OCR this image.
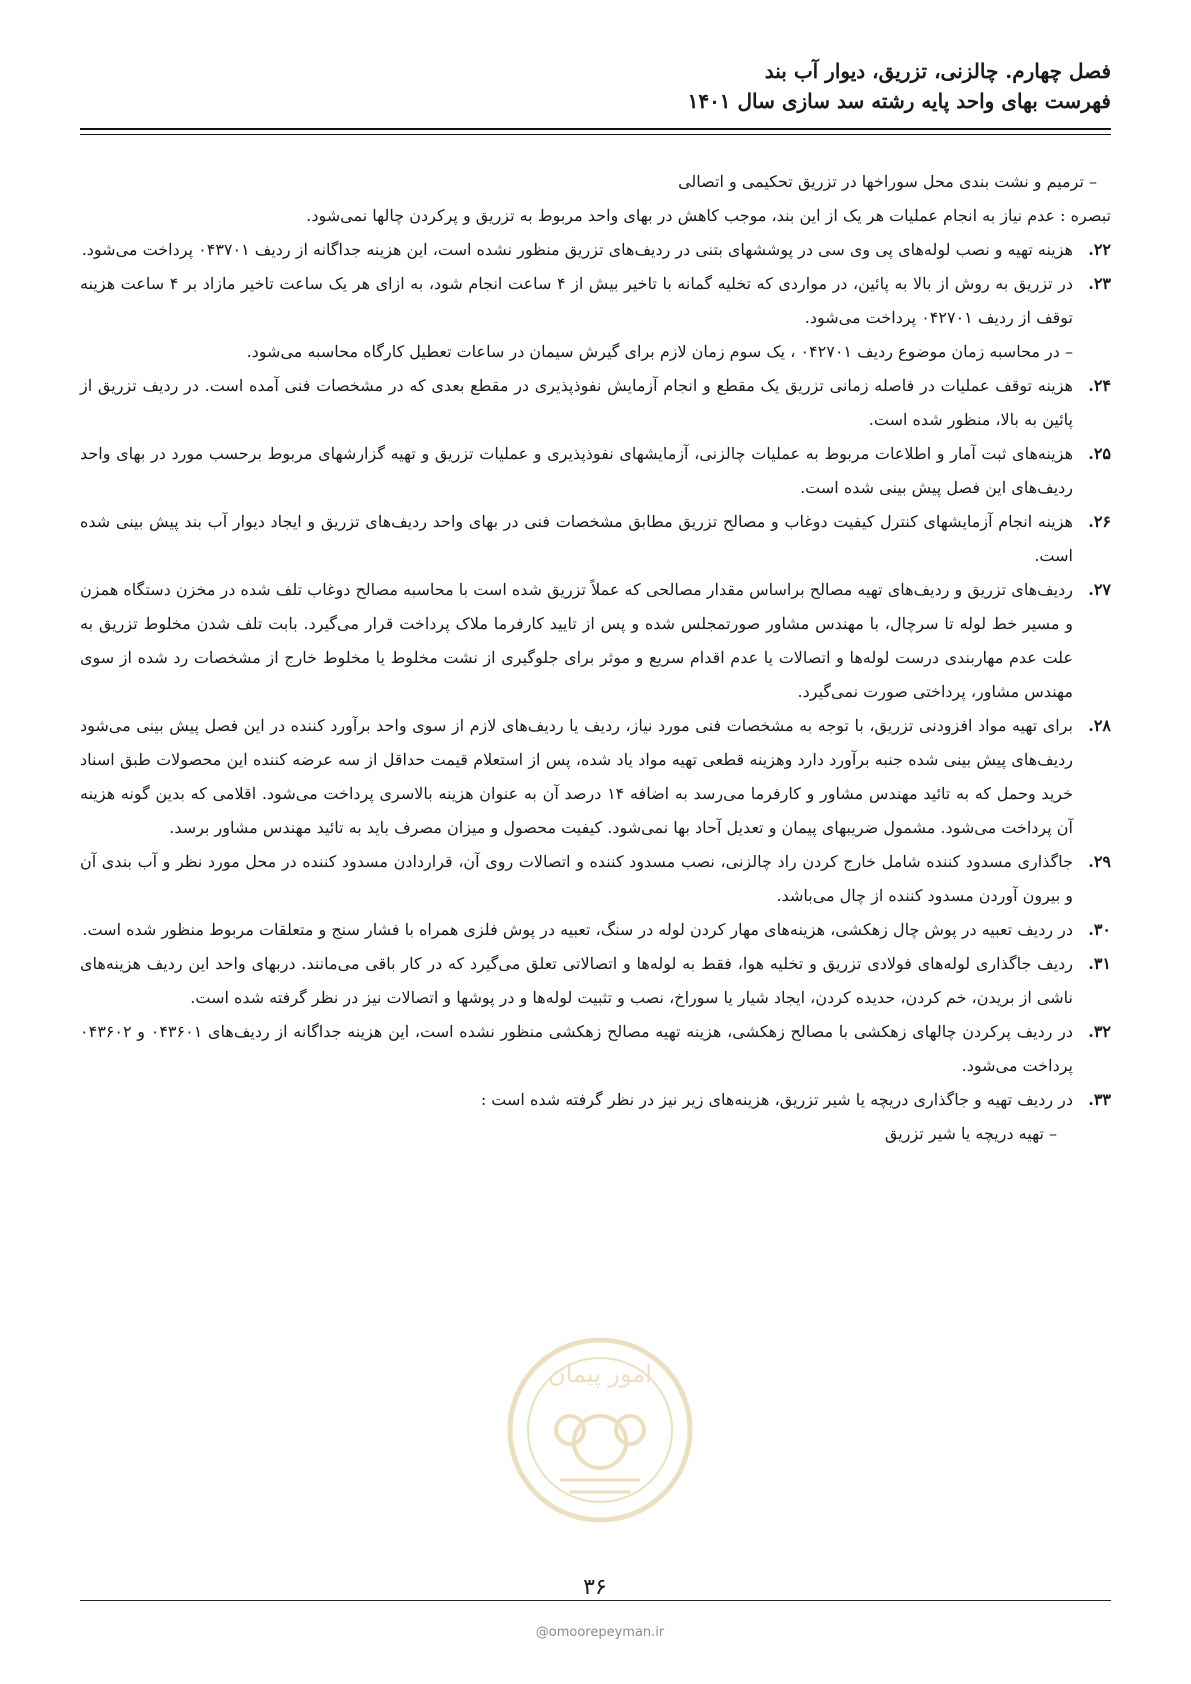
فصل چهارم. چالزنی، تزریق، دیوار آب بند
فهرست بهای واحد پایه رشته سد سازی سال ۱۴۰۱

– ترمیم و نشت بندی محل سوراخها در تزریق تحکیمی و اتصالی

تبصره : عدم نیاز به انجام عملیات هر یک از این بند، موجب کاهش در بهای واحد مربوط به تزریق و پرکردن چالها نمی‌شود.

۲۲.
هزینه تهیه و نصب لوله‌های پی وی سی در پوششهای بتنی در ردیف‌های تزریق منظور نشده است، این هزینه جداگانه از ردیف ۰۴۳۷۰۱ پرداخت می‌شود.
۲۳.
در تزریق به روش از بالا به پائین، در مواردی که تخلیه گمانه با تاخیر بیش از ۴ ساعت انجام شود، به ازای هر یک ساعت تاخیر مازاد بر ۴ ساعت هزینه توقف از ردیف ۰۴۲۷۰۱ پرداخت می‌شود.

– در محاسبه زمان موضوع ردیف ۰۴۲۷۰۱ ، یک سوم زمان لازم برای گیرش سیمان در ساعات تعطیل کارگاه محاسبه می‌شود.

۲۴.
هزینه توقف عملیات در فاصله زمانی تزریق یک مقطع و انجام آزمایش نفوذپذیری در مقطع بعدی که در مشخصات فنی آمده است. در ردیف تزریق از پائین به بالا، منظور شده است.
۲۵.
هزینه‌های ثبت آمار و اطلاعات مربوط به عملیات چالزنی، آزمایشهای نفوذپذیری و عملیات تزریق و تهیه گزارشهای مربوط برحسب مورد در بهای واحد ردیف‌های این فصل پیش بینی شده است.
۲۶.
هزینه انجام آزمایشهای کنترل کیفیت دوغاب و مصالح تزریق مطابق مشخصات فنی در بهای واحد ردیف‌های تزریق و ایجاد دیوار آب بند پیش بینی شده است.
۲۷.
ردیف‌های تزریق و ردیف‌های تهیه مصالح براساس مقدار مصالحی که عملاً تزریق شده است با محاسبه مصالح دوغاب تلف شده در مخزن دستگاه همزن و مسیر خط لوله تا سرچال، با مهندس مشاور صورتمجلس شده و پس از تایید کارفرما ملاک پرداخت قرار می‌گیرد. بابت تلف شدن مخلوط تزریق به علت عدم مهاربندی درست لوله‌ها و اتصالات یا عدم اقدام سریع و موثر برای جلوگیری از نشت مخلوط یا مخلوط خارج از مشخصات رد شده از سوی مهندس مشاور، پرداختی صورت نمی‌گیرد.
۲۸.
برای تهیه مواد افزودنی تزریق، با توجه به مشخصات فنی مورد نیاز، ردیف یا ردیف‌های لازم از سوی واحد برآورد کننده در این فصل پیش بینی می‌شود ردیف‌های پیش بینی شده جنبه برآورد دارد وهزینه قطعی تهیه مواد یاد شده، پس از استعلام قیمت حداقل از سه عرضه کننده این محصولات طبق اسناد خرید وحمل که به تائید مهندس مشاور و کارفرما می‌رسد به اضافه ۱۴ درصد آن به عنوان هزینه بالاسری پرداخت می‌شود. اقلامی که بدین گونه هزینه آن پرداخت می‌شود. مشمول ضریبهای پیمان و تعدیل آحاد بها نمی‌شود. کیفیت محصول و میزان مصرف باید به تائید مهندس مشاور برسد.
۲۹.
جاگذاری مسدود کننده شامل خارج کردن راد چالزنی، نصب مسدود کننده و اتصالات روی آن، قراردادن مسدود کننده در محل مورد نظر و آب بندی آن و بیرون آوردن مسدود کننده از چال می‌باشد.
۳۰.
در ردیف تعبیه در پوش چال زهکشی، هزینه‌های مهار کردن لوله در سنگ، تعبیه در پوش فلزی همراه با فشار سنج و متعلقات مربوط منظور شده است.
۳۱.
ردیف جاگذاری لوله‌های فولادی تزریق و تخلیه هوا، فقط به لوله‌ها و اتصالاتی تعلق می‌گیرد که در کار باقی می‌مانند. دربهای واحد این ردیف هزینه‌های ناشی از بریدن، خم کردن، حدیده کردن، ایجاد شیار یا سوراخ، نصب و تثبیت لوله‌ها و در پوشها و اتصالات نیز در نظر گرفته شده است.
۳۲.
در ردیف پرکردن چالهای زهکشی با مصالح زهکشی، هزینه تهیه مصالح زهکشی منظور نشده است، این هزینه جداگانه از ردیف‌های ۰۴۳۶۰۱ و ۰۴۳۶۰۲ پرداخت می‌شود.
۳۳.
در ردیف تهیه و جاگذاری دریچه یا شیر تزریق، هزینه‌های زیر نیز در نظر گرفته شده است :

– تهیه دریچه یا شیر تزریق

امور پیمان
۳۶
@omoorepeyman.ir
